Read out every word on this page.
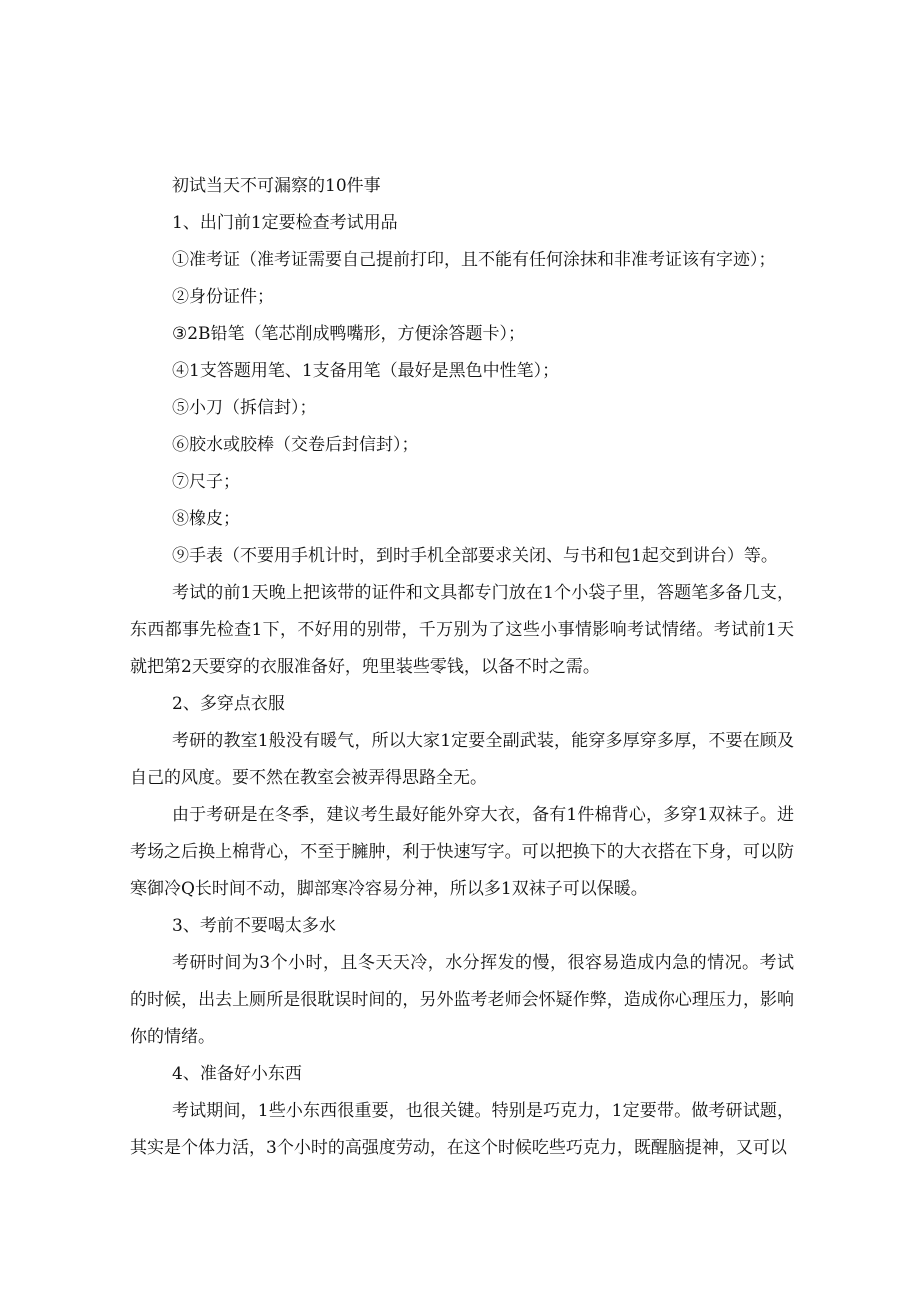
初试当天不可漏察的10件事

1、出门前1定要检查考试用品

①准考证（准考证需要自己提前打印，且不能有任何涂抹和非准考证该有字迹）；

②身份证件；

③2B铅笔（笔芯削成鸭嘴形，方便涂答题卡）；

④1支答题用笔、1支备用笔（最好是黑色中性笔）；

⑤小刀（拆信封）；

⑥胶水或胶棒（交卷后封信封）；

⑦尺子；

⑧橡皮；

⑨手表（不要用手机计时，到时手机全部要求关闭、与书和包1起交到讲台）等。

考试的前1天晚上把该带的证件和文具都专门放在1个小袋子里，答题笔多备几支，东西都事先检查1下，不好用的别带，千万别为了这些小事情影响考试情绪。考试前1天就把第2天要穿的衣服准备好，兜里装些零钱，以备不时之需。

2、多穿点衣服

考研的教室1般没有暖气，所以大家1定要全副武装，能穿多厚穿多厚，不要在顾及自己的风度。要不然在教室会被弄得思路全无。

由于考研是在冬季，建议考生最好能外穿大衣，备有1件棉背心，多穿1双袜子。进考场之后换上棉背心，不至于臃肿，利于快速写字。可以把换下的大衣搭在下身，可以防寒御冷Q长时间不动，脚部寒冷容易分神，所以多1双袜子可以保暖。

3、考前不要喝太多水

考研时间为3个小时，且冬天天冷，水分挥发的慢，很容易造成内急的情况。考试的时候，出去上厕所是很耽误时间的，另外监考老师会怀疑作弊，造成你心理压力，影响你的情绪。

4、准备好小东西

考试期间，1些小东西很重要，也很关键。特别是巧克力，1定要带。做考研试题，其实是个体力活，3个小时的高强度劳动，在这个时候吃些巧克力，既醒脑提神，又可以
